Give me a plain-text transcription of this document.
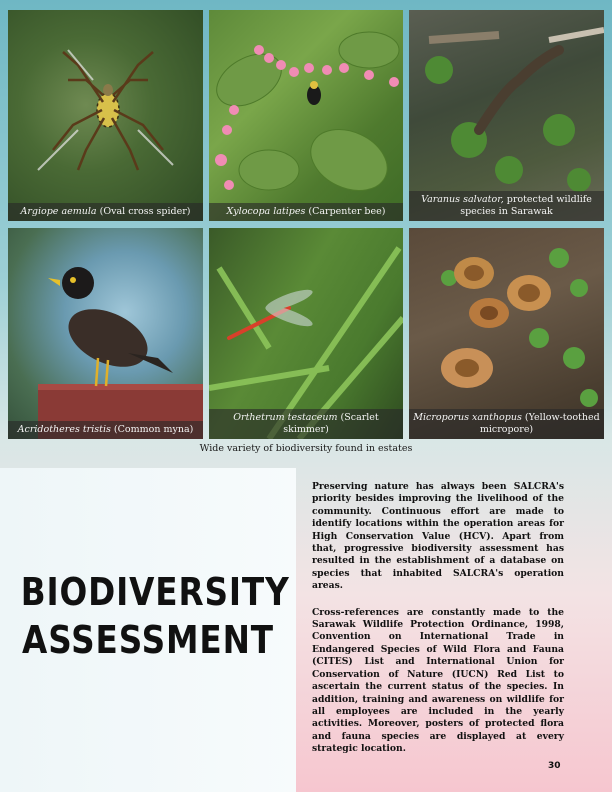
Argiope aemula (Oval cross spider)	Xylocopa latipes (Carpenter bee)
Varanus salvator, protected wildlife species in Sarawak
Acridotheres tristis (Common myna)
Orthetrum testaceum (Scarlet skimmer)
Microporus xanthopus (Yellow-toothed micropore)
Wide variety of biodiversity found in estates
BIODIVERSITY
ASSESSMENT

Preserving nature has always been SALCRA's priority besides improving the livelihood of the community. Continuous effort are made to identify locations within the operation areas for High Conservation Value (HCV). Apart from that, progressive biodiversity assessment has resulted in the establishment of a database on species that inhabited SALCRA's operation areas.

Cross-references are constantly made to the Sarawak Wildlife Protection Ordinance, 1998, Convention on International Trade in Endangered Species of Wild Flora and Fauna (CITES) List and International Union for Conservation of Nature (IUCN) Red List to ascertain the current status of the species. In addition, training and awareness on wildlife for all employees are included in the yearly activities. Moreover, posters of protected flora and fauna species are displayed at every strategic location.

30
